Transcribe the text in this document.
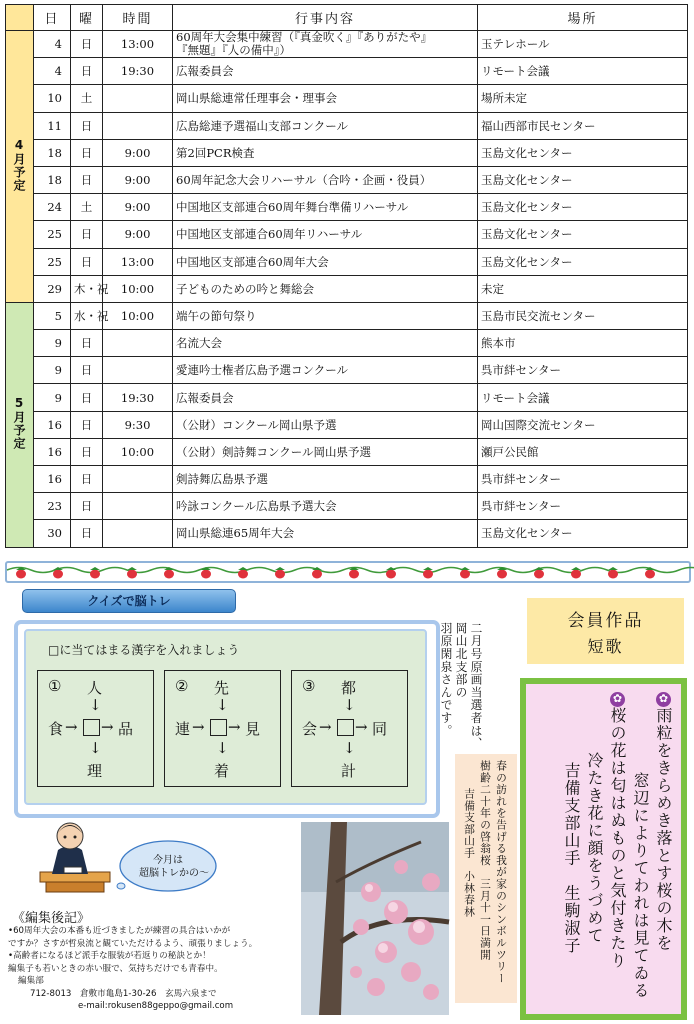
	日	曜	時間	行事内容	場所
4月予定	4	日	13:00	60周年大会集中練習（『真金吹く』『ありがたや』
『無題』『人の備中』）	玉テレホール
	4	日	19:30	広報委員会	リモート会議
	10	土		岡山県総連常任理事会・理事会	場所未定
	11	日		広島総連予選福山支部コンクール	福山西部市民センター
	18	日	9:00	第2回PCR検査	玉島文化センター
	18	日	9:00	60周年記念大会リハーサル（合吟・企画・役員）	玉島文化センター
	24	土	9:00	中国地区支部連合60周年舞台準備リハーサル	玉島文化センター
	25	日	9:00	中国地区支部連合60周年リハーサル	玉島文化センター
	25	日	13:00	中国地区支部連合60周年大会	玉島文化センター
	29	木・祝	10:00	子どものための吟と舞総会	未定
5月予定	5	水・祝	10:00	端午の節句祭り	玉島市民交流センター
	9	日		名流大会	熊本市
	9	日		愛連吟士権者広島予選コンクール	呉市絆センター
	9	日	19:30	広報委員会	リモート会議
	16	日	9:30	（公財）コンクール岡山県予選	岡山国際交流センター
	16	日	10:00	（公財）剣詩舞コンクール岡山県予選	瀬戸公民館
	16	日		剣詩舞広島県予選	呉市絆センター
	23	日		吟詠コンクール広島県予選大会	呉市絆センター
	30	日		岡山県総連65周年大会	玉島文化センター
クイズで脳トレ
□に当てはまる漢字を入れましょう
① 人
↓
食 → → 品
↓
理
② 先
↓
連 → → 見
↓
着
③ 都
↓
会 → → 同
↓
計
二月号原画当選者は、
岡山北支部の
羽原閑泉さんです。
春の訪れを告げる我が家のシンボルツリー
樹齢二十年の啓翁桜　三月十一日満開
吉備支部山手　小林春林
会員作品
短歌
✿雨粒をきらめき落とす桜の木を
窓辺によりてわれは見てゐる
✿桜の花は匂はぬものと気付きたり
冷たき花に顔をうづめて
吉備支部山手　生駒淑子
今月は
超脳トレかの～
《編集後記》
•60周年大会の本番も近づきましたが練習の具合はいかが
ですか？さすが哲泉流と観ていただけるよう、頑張りましょう。
•高齢者になるほど派手な服装が若返りの秘訣とか！
編集子も若いときの赤い服で、気持ちだけでも青春中。
編集部
712-8013　倉敷市亀島1-30-26　玄馬六泉まで
e-mail:rokusen88geppo@gmail.com
